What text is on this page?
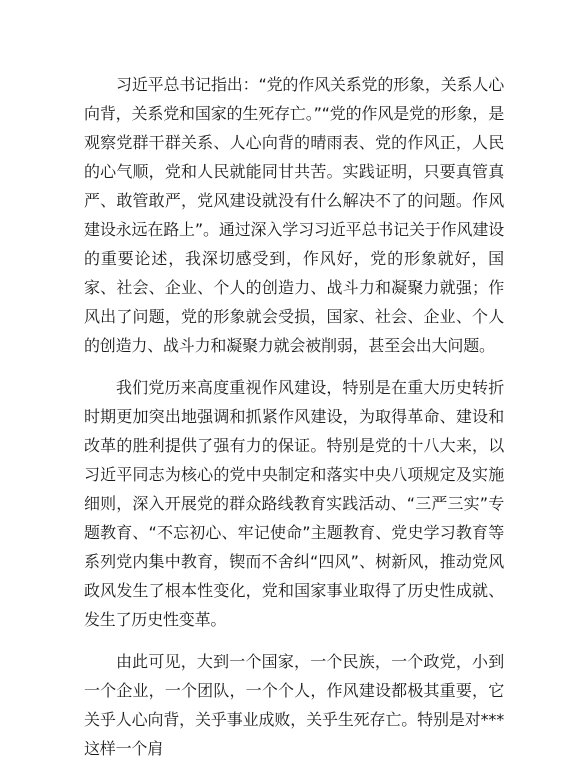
习近平总书记指出：“党的作风关系党的形象，关系人心向背，关系党和国家的生死存亡。”“党的作风是党的形象，是观察党群干群关系、人心向背的晴雨表、党的作风正，人民的心气顺，党和人民就能同甘共苦。实践证明，只要真管真严、敢管敢严，党风建设就没有什么解决不了的问题。作风建设永远在路上”。通过深入学习习近平总书记关于作风建设的重要论述，我深切感受到，作风好，党的形象就好，国家、社会、企业、个人的创造力、战斗力和凝聚力就强；作风出了问题，党的形象就会受损，国家、社会、企业、个人的创造力、战斗力和凝聚力就会被削弱，甚至会出大问题。

我们党历来高度重视作风建设，特别是在重大历史转折时期更加突出地强调和抓紧作风建设，为取得革命、建设和改革的胜利提供了强有力的保证。特别是党的十八大来，以习近平同志为核心的党中央制定和落实中央八项规定及实施细则，深入开展党的群众路线教育实践活动、“三严三实”专题教育、“不忘初心、牢记使命”主题教育、党史学习教育等系列党内集中教育，锲而不舍纠“四风”、树新风，推动党风政风发生了根本性变化，党和国家事业取得了历史性成就、发生了历史性变革。

由此可见，大到一个国家，一个民族，一个政党，小到一个企业，一个团队，一个个人，作风建设都极其重要，它关乎人心向背，关乎事业成败，关乎生死存亡。特别是对***这样一个肩
